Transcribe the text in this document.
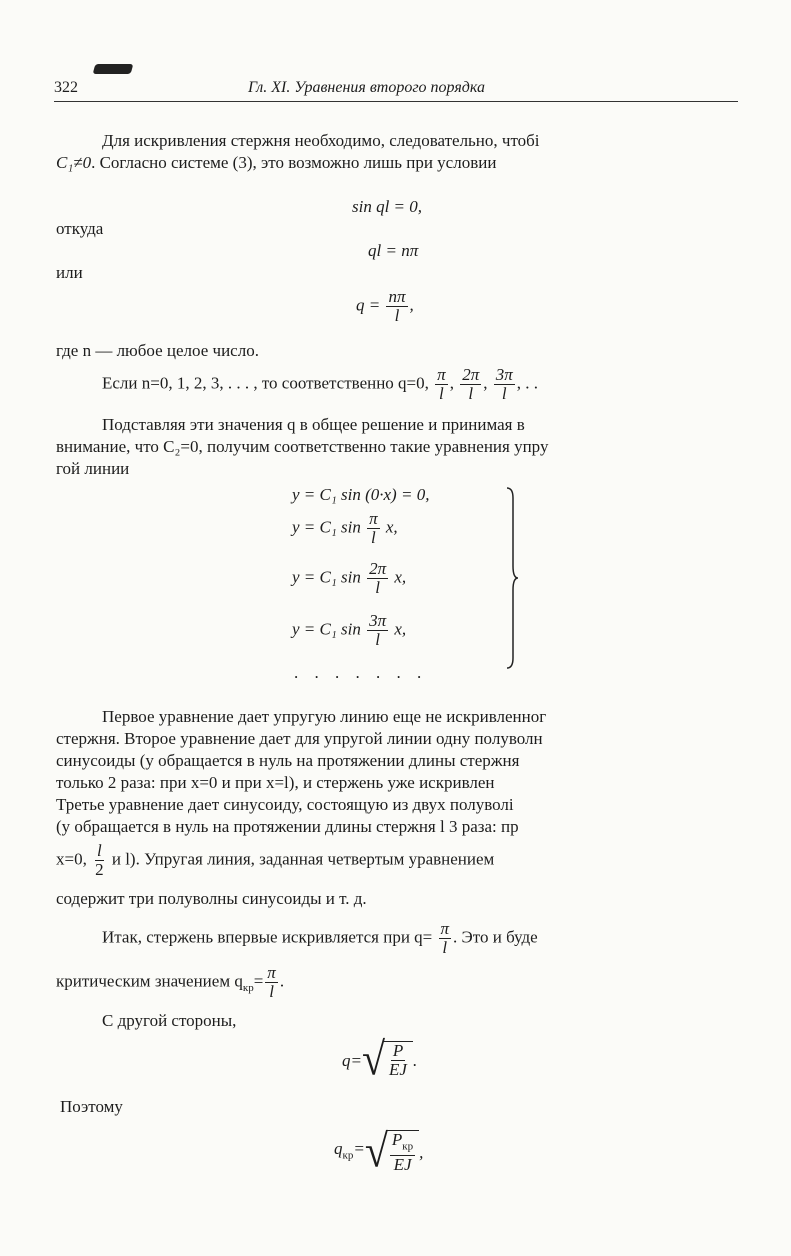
322	Гл. XI. Уравнения второго порядка
Для искривления стержня необходимо, следовательно, чтобі
C₁≠0. Согласно системе (3), это возможно лишь при условии
sin ql = 0,
откуда
ql = nπ
или
$q = \frac{n\pi}{l}$ ,
где n — любое целое число.
Если n=0, 1, 2, 3, . . . , то соответственно q=0, $\frac{\pi}{l}$ , $\frac{2\pi}{l}$ , $\frac{3\pi}{l}$ , . .
Подставляя эти значения q в общее решение и принимая в
внимание, что C₂=0, получим соответственно такие уравнения упру
гой линии
y = C₁ sin (0·x) = 0,
y = C₁ $\sin \frac{\pi}{l} x$,
y = C₁ $\sin \frac{2\pi}{l} x$,
y = C₁ $\sin \frac{3\pi}{l} x$,
. . . . . . .
Первое уравнение дает упругую линию еще не искривленног
стержня. Второе уравнение дает для упругой линии одну полуволн
синусоиды (y обращается в нуль на протяжении длины стержня
только 2 раза: при x=0 и при x=l), и стержень уже искривлен
Третье уравнение дает синусоиду, состоящую из двух полуволі
(y обращается в нуль на протяжении длины стержня l 3 раза: пр
x=0, $\frac{l}{2}$ и l). Упругая линия, заданная четвертым уравнением
содержит три полуволны синусоиды и т. д.
Итак, стержень впервые искривляется при $q= \frac{\pi}{l}$ . Это и буде
критическим значением $q_{кр}= \frac{\pi}{l}$ .
С другой стороны,
q= √ $\frac{P}{EJ}$ .
Поэтому
$q_{кр}=$ √ $\frac{P_{кр}}{EJ}$ ,
